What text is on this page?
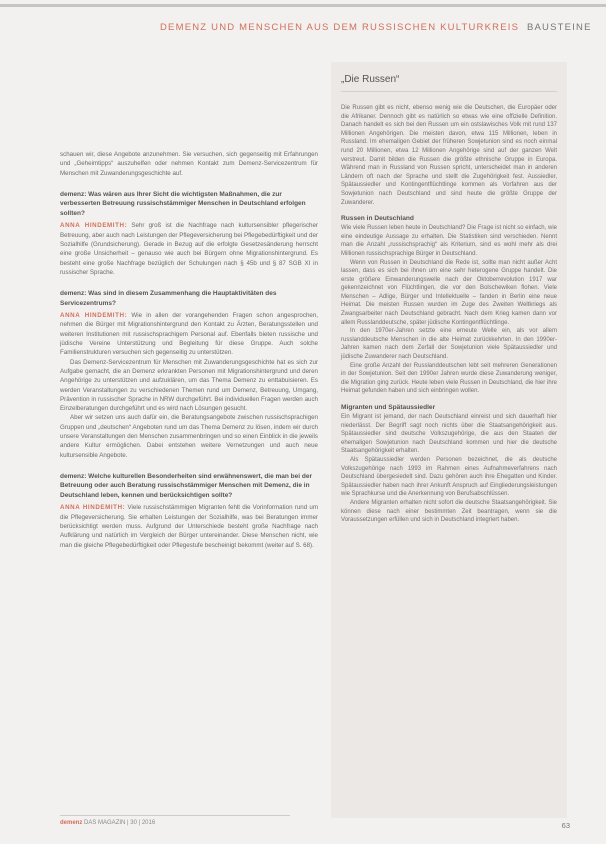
DEMENZ UND MENSCHEN AUS DEM RUSSISCHEN KULTURKREIS BAUSTEINE

schauen wir, diese Angebote anzunehmen. Sie versuchen, sich gegenseitig mit Erfahrungen und „Geheimtipps“ auszuhelfen oder nehmen Kontakt zum Demenz-Servicezentrum für Menschen mit Zuwanderungsgeschichte auf.

demenz: Was wären aus Ihrer Sicht die wichtigsten Maßnahmen, die zur verbesserten Betreuung russischstämmiger Menschen in Deutschland erfolgen sollten?

ANNA HINDEMITH: Sehr groß ist die Nachfrage nach kultursensibler pflegerischer Betreuung, aber auch nach Leistungen der Pflegeversicherung bei Pflegebedürftigkeit und der Sozialhilfe (Grundsicherung). Gerade in Bezug auf die erfolgte Gesetzesänderung herrscht eine große Unsicherheit – genauso wie auch bei Bürgern ohne Migrationshintergrund. Es besteht eine große Nachfrage bezüglich der Schulungen nach § 45b und § 87 SGB XI in russischer Sprache.

demenz: Was sind in diesem Zusammenhang die Hauptaktivitäten des Servicezentrums?

ANNA HINDEMITH: Wie in allen der vorangehenden Fragen schon angesprochen, nehmen die Bürger mit Migrationshintergrund den Kontakt zu Ärzten, Beratungsstellen und weiteren Institutionen mit russischsprachigem Personal auf. Ebenfalls bieten russische und jüdische Vereine Unterstützung und Begleitung für diese Gruppe. Auch solche Familienstrukturen versuchen sich gegenseitig zu unterstützen.

Das Demenz-Servicezentrum für Menschen mit Zuwanderungsgeschichte hat es sich zur Aufgabe gemacht, die an Demenz erkrankten Personen mit Migrationshintergrund und deren Angehörige zu unterstützen und aufzuklären, um das Thema Demenz zu enttabuisieren. Es werden Veranstaltungen zu verschiedenen Themen rund um Demenz, Betreuung, Umgang, Prävention in russischer Sprache in NRW durchgeführt. Bei individuellen Fragen werden auch Einzelberatungen durchgeführt und es wird nach Lösungen gesucht.

Aber wir setzen uns auch dafür ein, die Beratungsangebote zwischen russischsprachigen Gruppen und „deutschen“ Angeboten rund um das Thema Demenz zu lösen, indem wir durch unsere Veranstaltungen den Menschen zusammenbringen und so einen Einblick in die jeweils andere Kultur ermöglichen. Dabei entstehen weitere Vernetzungen und auch neue kultursensible Angebote.

demenz: Welche kulturellen Besonderheiten sind erwähnenswert, die man bei der Betreuung oder auch Beratung russischstämmiger Menschen mit Demenz, die in Deutschland leben, kennen und berücksichtigen sollte?

ANNA HINDEMITH: Viele russischstämmigen Migranten fehlt die Vorinformation rund um die Pflegeversicherung. Sie erhalten Leistungen der Sozialhilfe, was bei Beratungen immer berücksichtigt werden muss. Aufgrund der Unterschiede besteht große Nachfrage nach Aufklärung und natürlich im Vergleich der Bürger untereinander. Diese Menschen nicht, wie man die gleiche Pflegebedürftigkeit oder Pflegestufe bescheinigt bekommt (weiter auf S. 68).

„Die Russen“

Die Russen gibt es nicht, ebenso wenig wie die Deutschen, die Europäer oder die Afrikaner. Dennoch gibt es natürlich so etwas wie eine offizielle Definition. Danach handelt es sich bei den Russen um ein ostslawisches Volk mit rund 137 Millionen Angehörigen. Die meisten davon, etwa 115 Millionen, leben in Russland. Im ehemaligen Gebiet der früheren Sowjetunion sind es noch einmal rund 20 Millionen, etwa 12 Millionen Angehörige sind auf der ganzen Welt verstreut. Damit bilden die Russen die größte ethnische Gruppe in Europa. Während man in Russland von Russen spricht, unterscheidet man in anderen Ländern oft nach der Sprache und stellt die Zugehörigkeit fest. Aussiedler, Spätaussiedler und Kontingentflüchtlinge kommen als Vorfahren aus der Sowjetunion nach Deutschland und sind heute die größte Gruppe der Zuwanderer.

Russen in Deutschland

Wie viele Russen leben heute in Deutschland? Die Frage ist nicht so einfach, wie eine eindeutige Aussage zu erhalten. Die Statistiken sind verschieden. Nennt man die Anzahl „russischsprachig“ als Kriterium, sind es wohl mehr als drei Millionen russischsprachige Bürger in Deutschland.

Wenn von Russen in Deutschland die Rede ist, sollte man nicht außer Acht lassen, dass es sich bei ihnen um eine sehr heterogene Gruppe handelt. Die erste größere Einwanderungswelle nach der Oktoberrevolution 1917 war gekennzeichnet von Flüchtlingen, die vor den Bolschewiken flohen. Viele Menschen – Adlige, Bürger und Intellektuelle – fanden in Berlin eine neue Heimat. Die meisten Russen wurden im Zuge des Zweiten Weltkriegs als Zwangsarbeiter nach Deutschland gebracht. Nach dem Krieg kamen dann vor allem Russlanddeutsche, später jüdische Kontingentflüchtlinge.

In den 1970er-Jahren setzte eine erneute Welle ein, als vor allem russlanddeutsche Menschen in die alte Heimat zurückkehrten. In den 1990er-Jahren kamen nach dem Zerfall der Sowjetunion viele Spätaussiedler und jüdische Zuwanderer nach Deutschland.

Eine große Anzahl der Russlanddeutschen lebt seit mehreren Generationen in der Sowjetunion. Seit den 1990er Jahren wurde diese Zuwanderung weniger, die Migration ging zurück. Heute leben viele Russen in Deutschland, die hier ihre Heimat gefunden haben und sich einbringen wollen.

Migranten und Spätaussiedler

Ein Migrant ist jemand, der nach Deutschland einreist und sich dauerhaft hier niederlässt. Der Begriff sagt noch nichts über die Staatsangehörigkeit aus. Spätaussiedler sind deutsche Volkszugehörige, die aus den Staaten der ehemaligen Sowjetunion nach Deutschland kommen und hier die deutsche Staatsangehörigkeit erhalten.

Als Spätaussiedler werden Personen bezeichnet, die als deutsche Volkszugehörige nach 1993 im Rahmen eines Aufnahmeverfahrens nach Deutschland übergesiedelt sind. Dazu gehören auch ihre Ehegatten und Kinder. Spätaussiedler haben nach ihrer Ankunft Anspruch auf Eingliederungsleistungen wie Sprachkurse und die Anerkennung von Berufsabschlüssen.

Andere Migranten erhalten nicht sofort die deutsche Staatsangehörigkeit. Sie können diese nach einer bestimmten Zeit beantragen, wenn sie die Voraussetzungen erfüllen und sich in Deutschland integriert haben.

demenz DAS MAGAZIN | 30 | 2016	63
